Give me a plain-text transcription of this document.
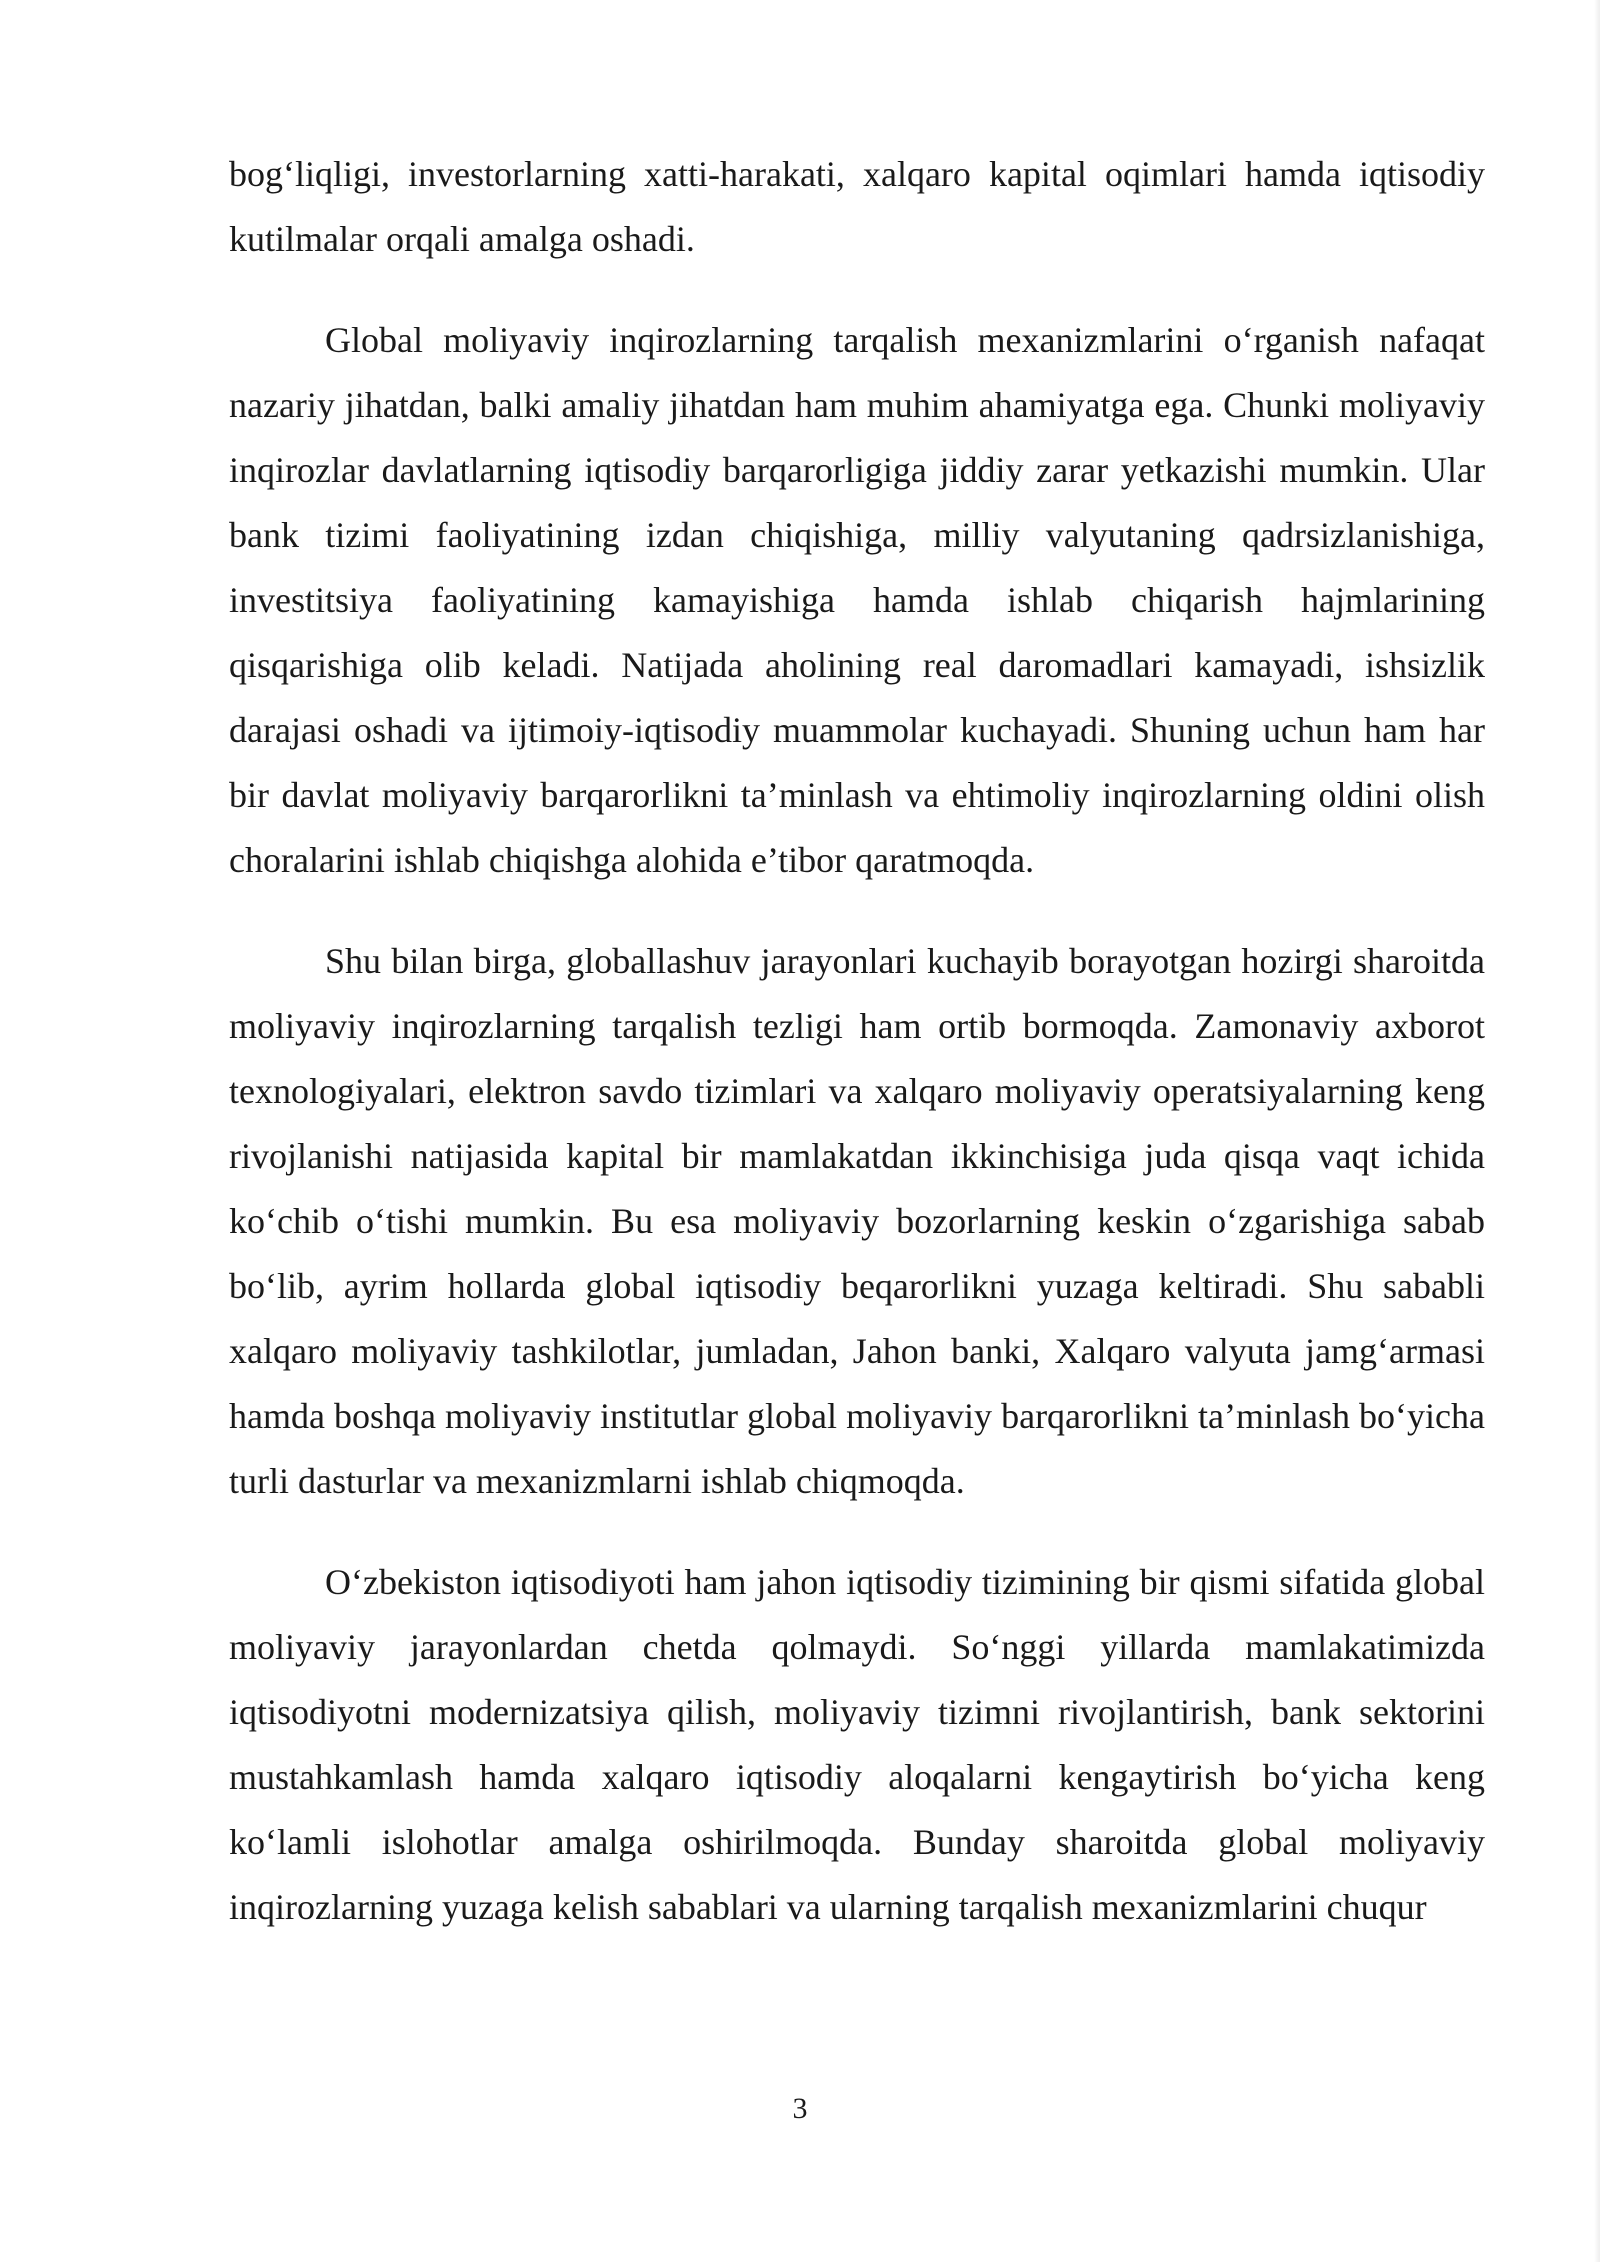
bog‘liqligi, investorlarning xatti-harakati, xalqaro kapital oqimlari hamda iqtisodiy kutilmalar orqali amalga oshadi.

Global moliyaviy inqirozlarning tarqalish mexanizmlarini o‘rganish nafaqat nazariy jihatdan, balki amaliy jihatdan ham muhim ahamiyatga ega. Chunki moliyaviy inqirozlar davlatlarning iqtisodiy barqarorligiga jiddiy zarar yetkazishi mumkin. Ular bank tizimi faoliyatining izdan chiqishiga, milliy valyutaning qadrsizlanishiga, investitsiya faoliyatining kamayishiga hamda ishlab chiqarish hajmlarining qisqarishiga olib keladi. Natijada aholining real daromadlari kamayadi, ishsizlik darajasi oshadi va ijtimoiy-iqtisodiy muammolar kuchayadi. Shuning uchun ham har bir davlat moliyaviy barqarorlikni ta’minlash va ehtimoliy inqirozlarning oldini olish choralarini ishlab chiqishga alohida e’tibor qaratmoqda.

Shu bilan birga, globallashuv jarayonlari kuchayib borayotgan hozirgi sharoitda moliyaviy inqirozlarning tarqalish tezligi ham ortib bormoqda. Zamonaviy axborot texnologiyalari, elektron savdo tizimlari va xalqaro moliyaviy operatsiyalarning keng rivojlanishi natijasida kapital bir mamlakatdan ikkinchisiga juda qisqa vaqt ichida ko‘chib o‘tishi mumkin. Bu esa moliyaviy bozorlarning keskin o‘zgarishiga sabab bo‘lib, ayrim hollarda global iqtisodiy beqarorlikni yuzaga keltiradi. Shu sababli xalqaro moliyaviy tashkilotlar, jumladan, Jahon banki, Xalqaro valyuta jamg‘armasi hamda boshqa moliyaviy institutlar global moliyaviy barqarorlikni ta’minlash bo‘yicha turli dasturlar va mexanizmlarni ishlab chiqmoqda.

O‘zbekiston iqtisodiyoti ham jahon iqtisodiy tizimining bir qismi sifatida global moliyaviy jarayonlardan chetda qolmaydi. So‘nggi yillarda mamlakatimizda iqtisodiyotni modernizatsiya qilish, moliyaviy tizimni rivojlantirish, bank sektorini mustahkamlash hamda xalqaro iqtisodiy aloqalarni kengaytirish bo‘yicha keng ko‘lamli islohotlar amalga oshirilmoqda. Bunday sharoitda global moliyaviy inqirozlarning yuzaga kelish sabablari va ularning tarqalish mexanizmlarini chuqur

3
